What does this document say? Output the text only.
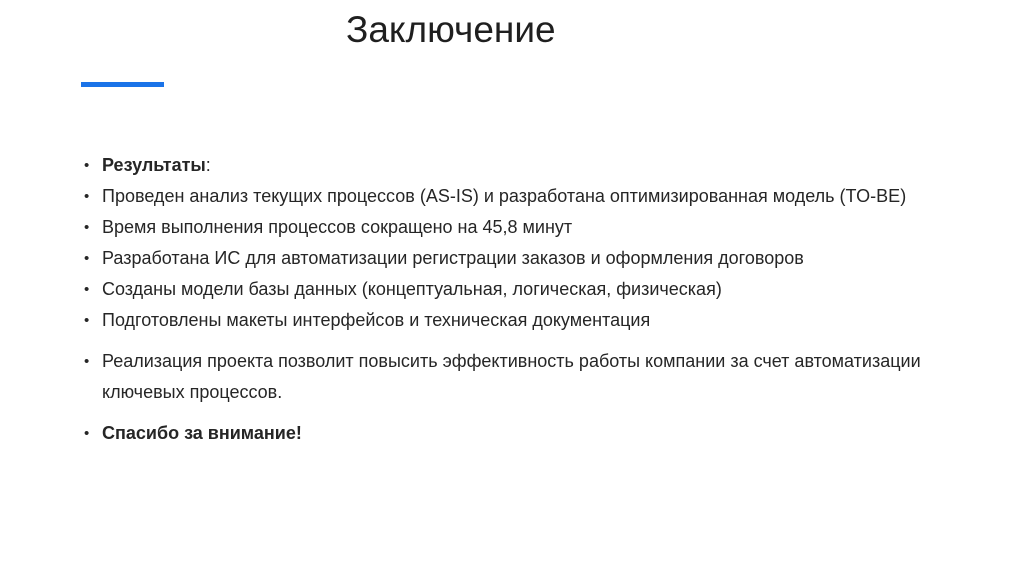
Заключение
• Результаты:
• Проведен анализ текущих процессов (AS-IS) и разработана оптимизированная модель (TO-BE)
• Время выполнения процессов сокращено на 45,8 минут
• Разработана ИС для автоматизации регистрации заказов и оформления договоров
• Созданы модели базы данных (концептуальная, логическая, физическая)
• Подготовлены макеты интерфейсов и техническая документация
• Реализация проекта позволит повысить эффективность работы компании за счет автоматизации ключевых процессов.
• Спасибо за внимание!
